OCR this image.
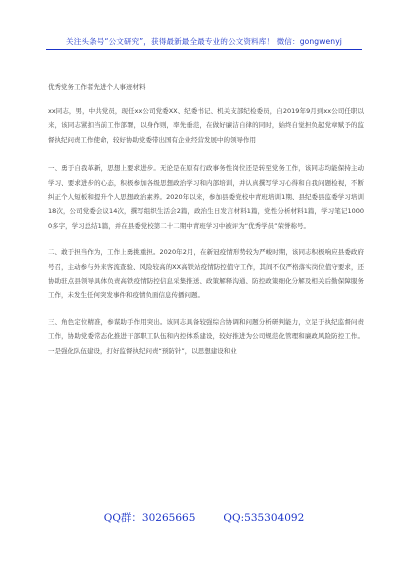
关注头条号“公文研究”，获得最新最全最专业的公文资料库！ 微信：gongwenyj
优秀党务工作者先进个人事迹材料

xx同志，男，中共党员，现任xx公司党委XX、纪委书记、机关支部纪检委员，自2019年9月到xx公司任职以来，该同志紧扣当前工作部署，以身作则，率先垂范，在做好廉洁自律的同时，始终自觉担负起党章赋予的监督执纪问责工作使命，较好协助党委带出国有企业经营发展中的领导作用

一、勇于自我革新，思想上要求进步。无论是在原有行政事务性岗位还是转至党务工作，该同志均能保持主动学习、要求进步的心态，积极参加各级思想政治学习和内部培训，并认真撰写学习心得和自我问题检视，不断纠正个人短板和提升个人思想政治素养。2020年以来，参加县委党校中青班培训1期、县纪委县监委学习培训18次，公司党委会议14次，撰写组织生活会2篇，政治生日发言材料1篇，党性分析材料1篇，学习笔记10000多字，学习总结1篇，并在县委党校第二十二期中青班学习中被评为“优秀学员”荣誉称号。

二、敢于担当作为，工作上勇挑重担。2020年2月，在新冠疫情形势较为严峻时期，该同志积极响应县委政府号召，主动参与外来客流查验、风险较高的XX高铁站疫情防控值守工作，其间不仅严格落实岗位值守要求，还协助驻点县领导具体负责高铁疫情防控信息采集推送、政策解释沟通、防控政策细化分解及相关后勤保障服务工作，未发生任何突发事件和疫情负面信息传播问题。

三、角色定位精准，参谋助手作用突出。该同志具备较强综合协调和问题分析研判能力，立足于执纪监督问责工作，协助党委常态化推进干部职工队伍和内控体系建设，较好推进为公司规范化管理和廉政风险防控工作。一是强化队伍建设，打好监督执纪问责“预防针”，以思想建设和业

QQ群：30265665	QQ:535304092
